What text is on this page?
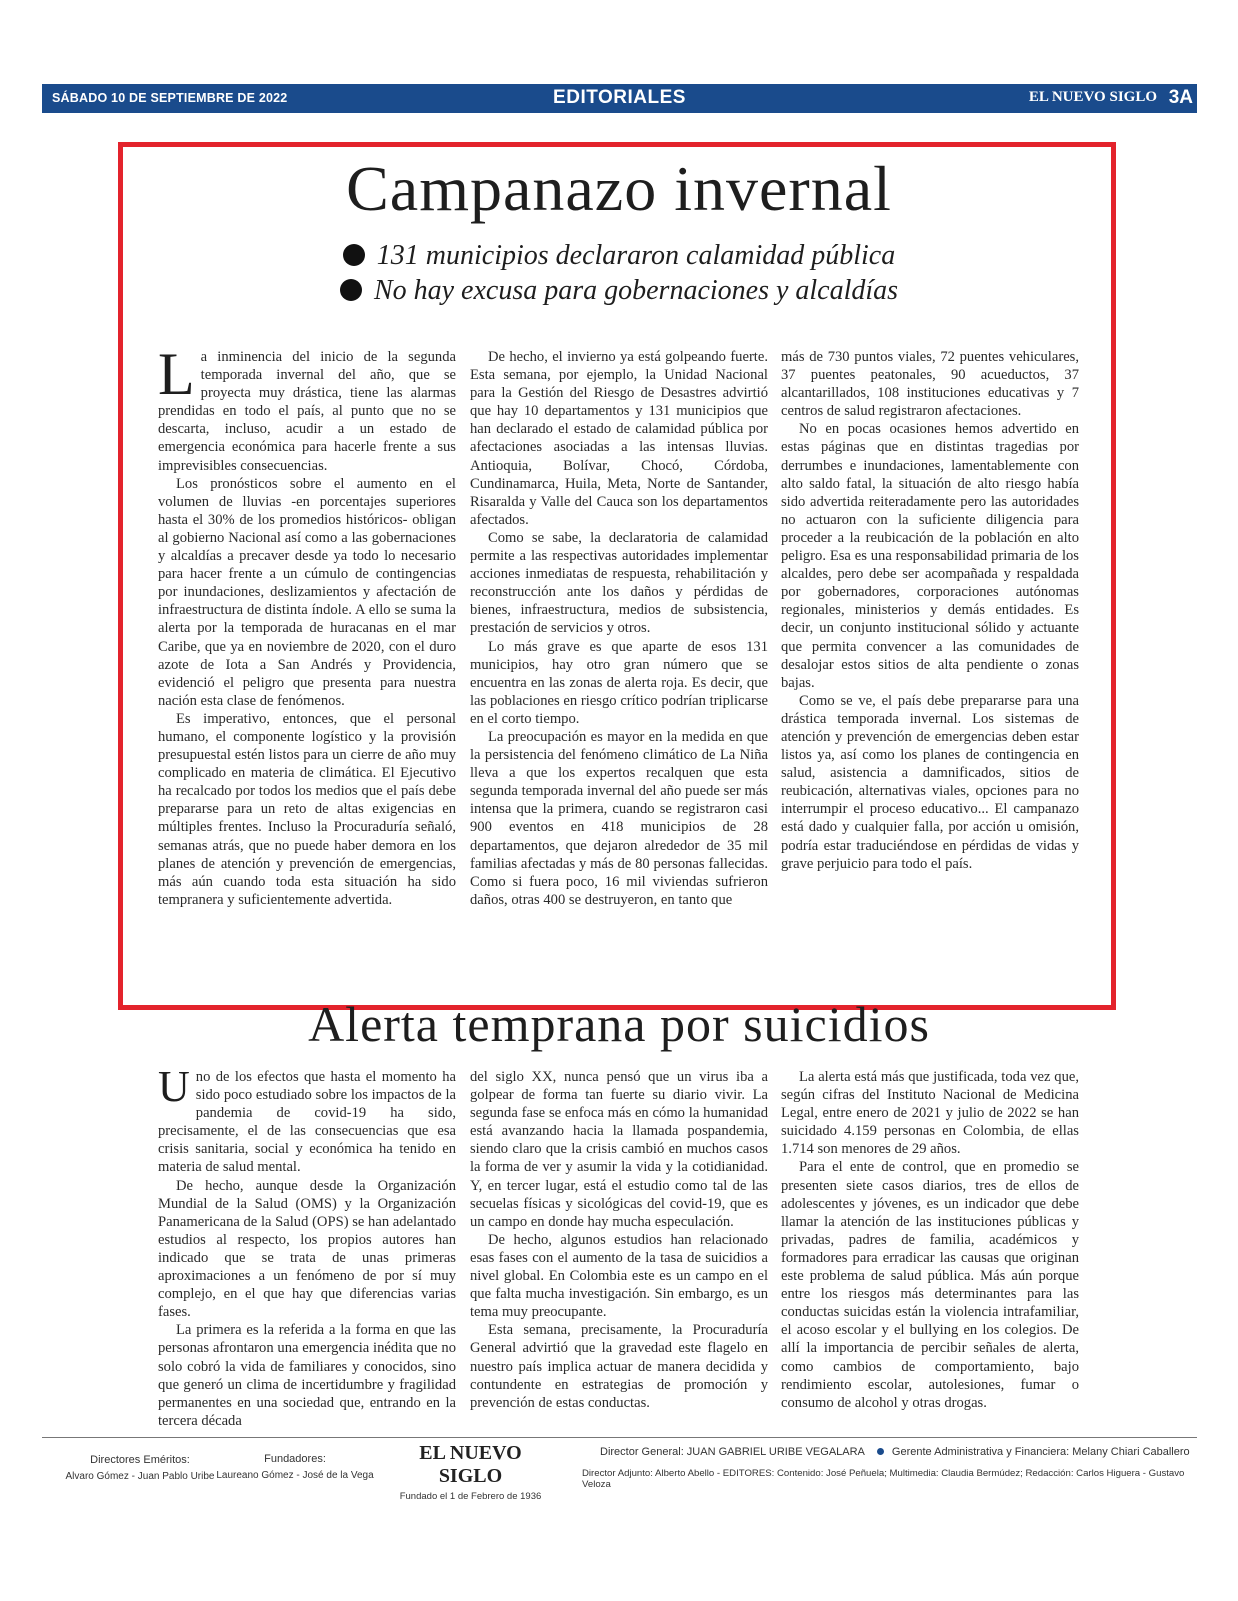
SÁBADO 10 DE SEPTIEMBRE DE 2022	EDITORIALES	EL NUEVO SIGLO 3A
Campanazo invernal
131 municipios declararon calamidad pública
No hay excusa para gobernaciones y alcaldías

La inminencia del inicio de la segunda temporada invernal del año, que se proyecta muy drástica, tiene las alarmas prendidas en todo el país, al punto que no se descarta, incluso, acudir a un estado de emergencia económica para hacerle frente a sus imprevisibles consecuencias.

Los pronósticos sobre el aumento en el volumen de lluvias -en porcentajes superiores hasta el 30% de los promedios históricos- obligan al gobierno Nacional así como a las gobernaciones y alcaldías a precaver desde ya todo lo necesario para hacer frente a un cúmulo de contingencias por inundaciones, deslizamientos y afectación de infraestructura de distinta índole. A ello se suma la alerta por la temporada de huracanas en el mar Caribe, que ya en noviembre de 2020, con el duro azote de Iota a San Andrés y Providencia, evidenció el peligro que presenta para nuestra nación esta clase de fenómenos.

Es imperativo, entonces, que el personal humano, el componente logístico y la provisión presupuestal estén listos para un cierre de año muy complicado en materia de climática. El Ejecutivo ha recalcado por todos los medios que el país debe prepararse para un reto de altas exigencias en múltiples frentes. Incluso la Procuraduría señaló, semanas atrás, que no puede haber demora en los planes de atención y prevención de emergencias, más aún cuando toda esta situación ha sido tempranera y suficientemente advertida.

De hecho, el invierno ya está golpeando fuerte. Esta semana, por ejemplo, la Unidad Nacional para la Gestión del Riesgo de Desastres advirtió que hay 10 departamentos y 131 municipios que han declarado el estado de calamidad pública por afectaciones asociadas a las intensas lluvias. Antioquia, Bolívar, Chocó, Córdoba, Cundinamarca, Huila, Meta, Norte de Santander, Risaralda y Valle del Cauca son los departamentos afectados.

Como se sabe, la declaratoria de calamidad permite a las respectivas autoridades implementar acciones inmediatas de respuesta, rehabilitación y reconstrucción ante los daños y pérdidas de bienes, infraestructura, medios de subsistencia, prestación de servicios y otros.

Lo más grave es que aparte de esos 131 municipios, hay otro gran número que se encuentra en las zonas de alerta roja. Es decir, que las poblaciones en riesgo crítico podrían triplicarse en el corto tiempo.

La preocupación es mayor en la medida en que la persistencia del fenómeno climático de La Niña lleva a que los expertos recalquen que esta segunda temporada invernal del año puede ser más intensa que la primera, cuando se registraron casi 900 eventos en 418 municipios de 28 departamentos, que dejaron alrededor de 35 mil familias afectadas y más de 80 personas fallecidas. Como si fuera poco, 16 mil viviendas sufrieron daños, otras 400 se destruyeron, en tanto que

más de 730 puntos viales, 72 puentes vehiculares, 37 puentes peatonales, 90 acueductos, 37 alcantarillados, 108 instituciones educativas y 7 centros de salud registraron afectaciones.

No en pocas ocasiones hemos advertido en estas páginas que en distintas tragedias por derrumbes e inundaciones, lamentablemente con alto saldo fatal, la situación de alto riesgo había sido advertida reiteradamente pero las autoridades no actuaron con la suficiente diligencia para proceder a la reubicación de la población en alto peligro. Esa es una responsabilidad primaria de los alcaldes, pero debe ser acompañada y respaldada por gobernadores, corporaciones autónomas regionales, ministerios y demás entidades. Es decir, un conjunto institucional sólido y actuante que permita convencer a las comunidades de desalojar estos sitios de alta pendiente o zonas bajas.

Como se ve, el país debe prepararse para una drástica temporada invernal. Los sistemas de atención y prevención de emergencias deben estar listos ya, así como los planes de contingencia en salud, asistencia a damnificados, sitios de reubicación, alternativas viales, opciones para no interrumpir el proceso educativo... El campanazo está dado y cualquier falla, por acción u omisión, podría estar traduciéndose en pérdidas de vidas y grave perjuicio para todo el país.

Alerta temprana por suicidios

Uno de los efectos que hasta el momento ha sido poco estudiado sobre los impactos de la pandemia de covid-19 ha sido, precisamente, el de las consecuencias que esa crisis sanitaria, social y económica ha tenido en materia de salud mental.

De hecho, aunque desde la Organización Mundial de la Salud (OMS) y la Organización Panamericana de la Salud (OPS) se han adelantado estudios al respecto, los propios autores han indicado que se trata de unas primeras aproximaciones a un fenómeno de por sí muy complejo, en el que hay que diferencias varias fases.

La primera es la referida a la forma en que las personas afrontaron una emergencia inédita que no solo cobró la vida de familiares y conocidos, sino que generó un clima de incertidumbre y fragilidad permanentes en una sociedad que, entrando en la tercera década

del siglo XX, nunca pensó que un virus iba a golpear de forma tan fuerte su diario vivir. La segunda fase se enfoca más en cómo la humanidad está avanzando hacia la llamada pospandemia, siendo claro que la crisis cambió en muchos casos la forma de ver y asumir la vida y la cotidianidad. Y, en tercer lugar, está el estudio como tal de las secuelas físicas y sicológicas del covid-19, que es un campo en donde hay mucha especulación.

De hecho, algunos estudios han relacionado esas fases con el aumento de la tasa de suicidios a nivel global. En Colombia este es un campo en el que falta mucha investigación. Sin embargo, es un tema muy preocupante.

Esta semana, precisamente, la Procuraduría General advirtió que la gravedad este flagelo en nuestro país implica actuar de manera decidida y contundente en estrategias de promoción y prevención de estas conductas.

La alerta está más que justificada, toda vez que, según cifras del Instituto Nacional de Medicina Legal, entre enero de 2021 y julio de 2022 se han suicidado 4.159 personas en Colombia, de ellas 1.714 son menores de 29 años.

Para el ente de control, que en promedio se presenten siete casos diarios, tres de ellos de adolescentes y jóvenes, es un indicador que debe llamar la atención de las instituciones públicas y privadas, padres de familia, académicos y formadores para erradicar las causas que originan este problema de salud pública. Más aún porque entre los riesgos más determinantes para las conductas suicidas están la violencia intrafamiliar, el acoso escolar y el bullying en los colegios. De allí la importancia de percibir señales de alerta, como cambios de comportamiento, bajo rendimiento escolar, autolesiones, fumar o consumo de alcohol y otras drogas.

Directores Eméritos:
Alvaro Gómez - Juan Pablo Uribe
Fundadores:
Laureano Gómez - José de la Vega
EL NUEVO SIGLO
Fundado el 1 de Febrero de 1936
Director General: JUAN GABRIEL URIBE VEGALARA Gerente Administrativa y Financiera: Melany Chiari Caballero
Director Adjunto: Alberto Abello - EDITORES: Contenido: José Peñuela; Multimedia: Claudia Bermúdez; Redacción: Carlos Higuera - Gustavo Veloza
